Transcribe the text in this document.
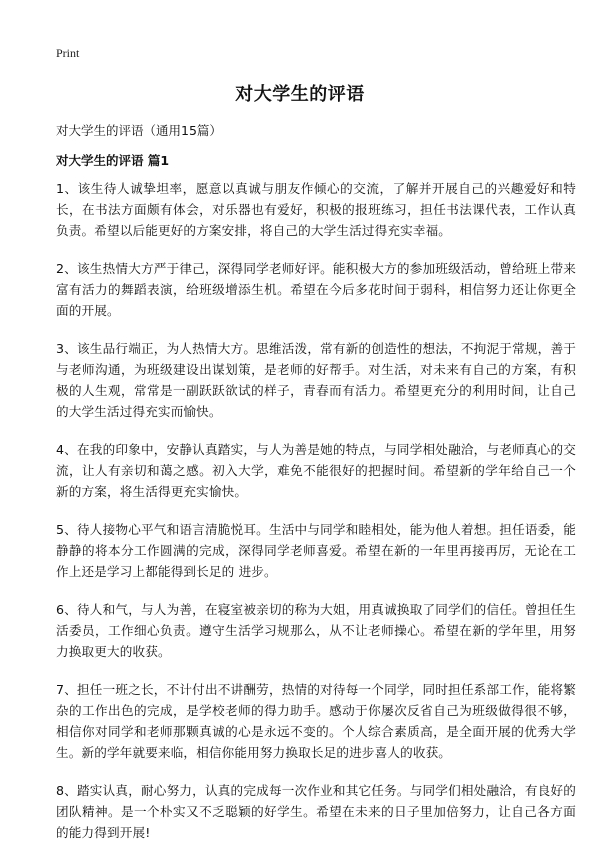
Print
对大学生的评语

对大学生的评语（通用15篇）

对大学生的评语 篇1

1、该生待人诚挚坦率，愿意以真诚与朋友作倾心的交流，了解并开展自己的兴趣爱好和特长，在书法方面颇有体会，对乐器也有爱好，积极的报班练习，担任书法课代表，工作认真负责。希望以后能更好的方案安排，将自己的大学生活过得充实幸福。

2、该生热情大方严于律己，深得同学老师好评。能积极大方的参加班级活动，曾给班上带来富有活力的舞蹈表演，给班级增添生机。希望在今后多花时间于弱科，相信努力还让你更全面的开展。

3、该生品行端正，为人热情大方。思维活泼，常有新的创造性的想法，不拘泥于常规，善于与老师沟通，为班级建设出谋划策，是老师的好帮手。对生活，对未来有自己的方案，有积极的人生观，常常是一副跃跃欲试的样子，青春而有活力。希望更充分的利用时间，让自己的大学生活过得充实而愉快。

4、在我的印象中，安静认真踏实，与人为善是她的特点，与同学相处融洽，与老师真心的交流，让人有亲切和蔼之感。初入大学，难免不能很好的把握时间。希望新的学年给自己一个新的方案，将生活得更充实愉快。

5、待人接物心平气和语言清脆悦耳。生活中与同学和睦相处，能为他人着想。担任语委，能静静的将本分工作圆满的完成，深得同学老师喜爱。希望在新的一年里再接再厉，无论在工作上还是学习上都能得到长足的 进步。

6、待人和气，与人为善，在寝室被亲切的称为大姐，用真诚换取了同学们的信任。曾担任生活委员，工作细心负责。遵守生活学习规那么，从不让老师操心。希望在新的学年里，用努力换取更大的收获。

7、担任一班之长，不计付出不讲酬劳，热情的对待每一个同学，同时担任系部工作，能将繁杂的工作出色的完成，是学校老师的得力助手。感动于你屡次反省自己为班级做得很不够，相信你对同学和老师那颗真诚的心是永远不变的。个人综合素质高，是全面开展的优秀大学生。新的学年就要来临，相信你能用努力换取长足的进步喜人的收获。

8、踏实认真，耐心努力，认真的完成每一次作业和其它任务。与同学们相处融洽，有良好的团队精神。是一个朴实又不乏聪颖的好学生。希望在未来的日子里加倍努力，让自己各方面的能力得到开展!
